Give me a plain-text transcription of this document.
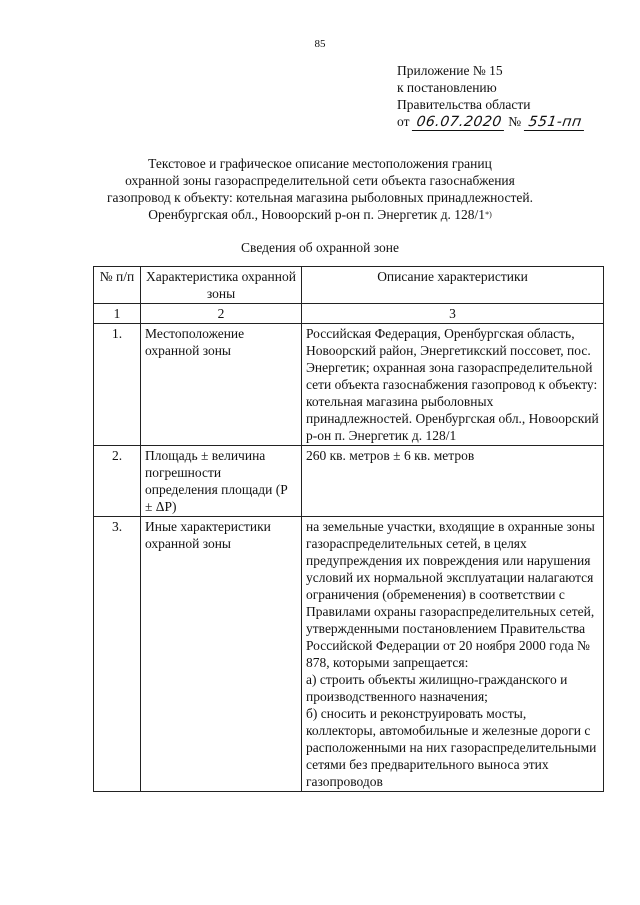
85
Приложение № 15
к постановлению
Правительства области
от 06.07.2020 № 551-пп
Текстовое и графическое описание местоположения границ
охранной зоны газораспределительной сети объекта газоснабжения
газопровод к объекту: котельная магазина рыболовных принадлежностей.
Оренбургская обл., Новоорский р-он п. Энергетик д. 128/1*)
Сведения об охранной зоне
№ п/п	Характеристика охранной зоны	Описание характеристики
1	2	3
1.	Местоположение охранной зоны	Российская Федерация, Оренбургская область, Новоорский район, Энергетикский поссовет, пос. Энергетик; охранная зона газораспределительной сети объекта газоснабжения газопровод к объекту: котельная магазина рыболовных принадлежностей. Оренбургская обл., Новоорский р-он п. Энергетик д. 128/1
2.	Площадь ± величина погрешности определения площади (P ± ΔP)	260 кв. метров ± 6 кв. метров
3.	Иные характеристики охранной зоны	на земельные участки, входящие в охранные зоны газораспределительных сетей, в целях предупреждения их повреждения или нарушения условий их нормальной эксплуатации налагаются ограничения (обременения) в соответствии с Правилами охраны газораспределительных сетей, утвержденными постановлением Правительства Российской Федерации от 20 ноября 2000 года № 878, которыми запрещается:
а) строить объекты жилищно-гражданского и производственного назначения;
б) сносить и реконструировать мосты, коллекторы, автомобильные и железные дороги с расположенными на них газораспределительными сетями без предварительного выноса этих газопроводов
